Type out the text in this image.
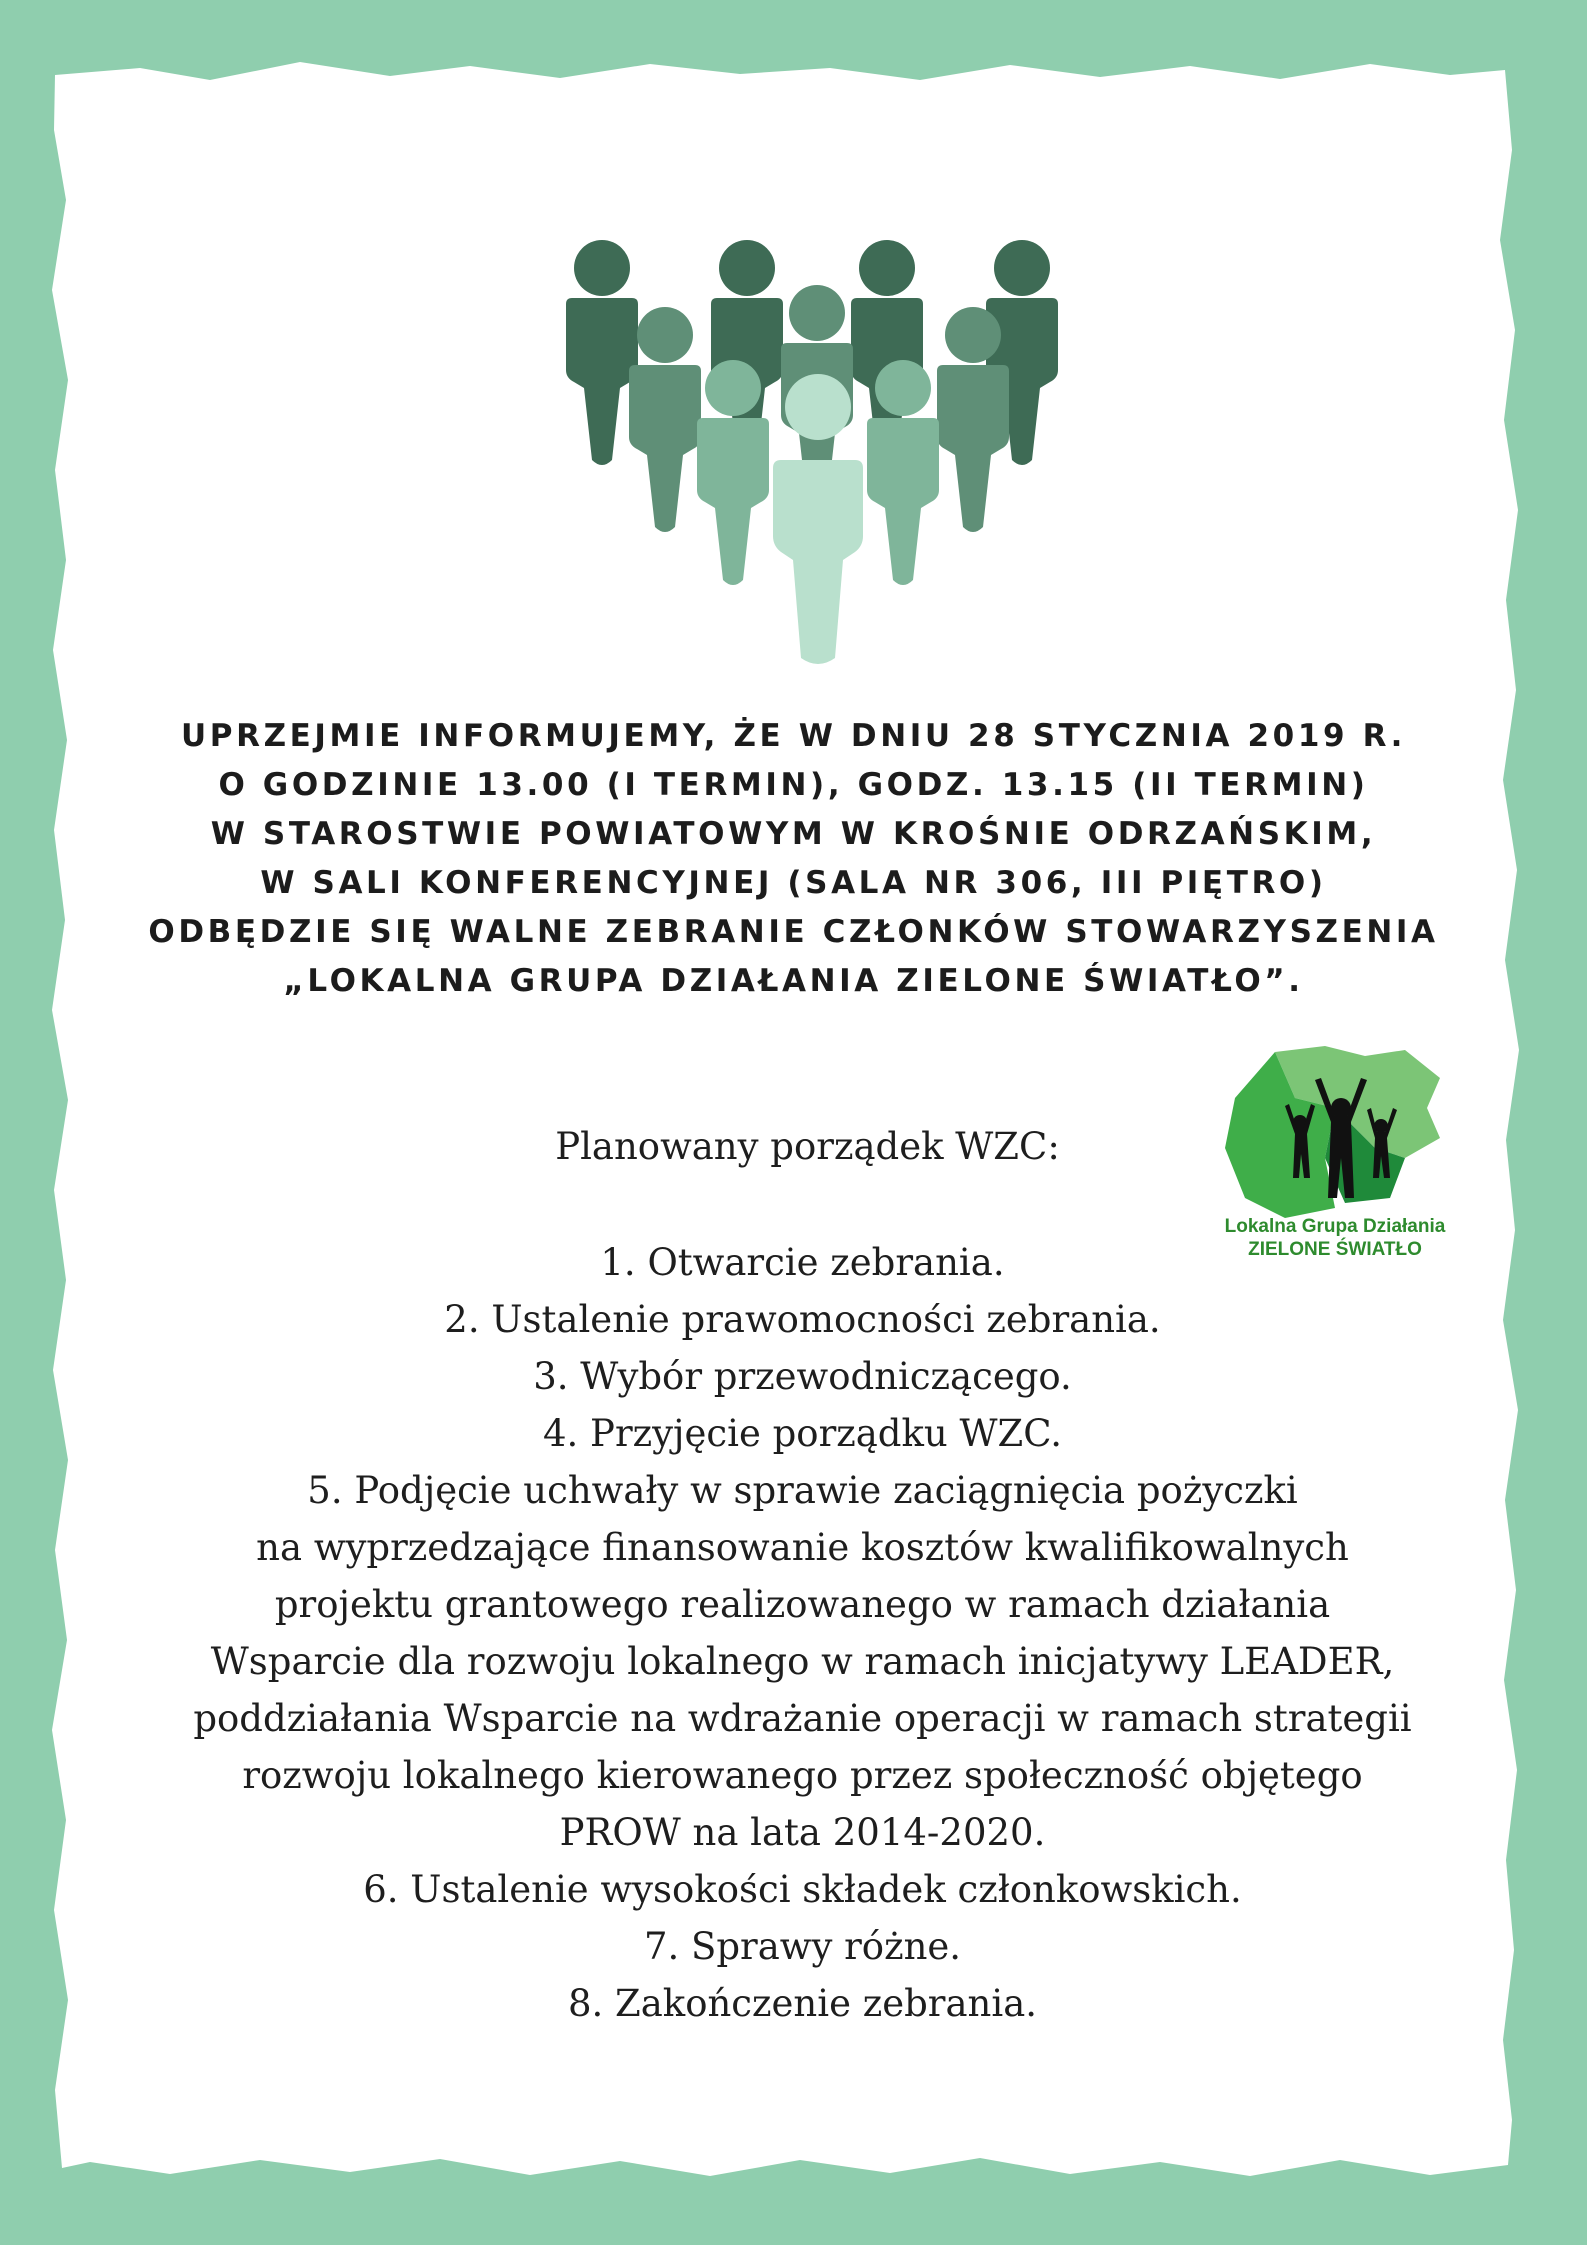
UPRZEJMIE INFORMUJEMY, ŻE W DNIU 28 STYCZNIA 2019 R.
O GODZINIE 13.00 (I TERMIN), GODZ. 13.15 (II TERMIN)
W STAROSTWIE POWIATOWYM W KROŚNIE ODRZAŃSKIM,
W SALI KONFERENCYJNEJ (SALA NR 306, III PIĘTRO)
ODBĘDZIE SIĘ WALNE ZEBRANIE CZŁONKÓW STOWARZYSZENIA
„LOKALNA GRUPA DZIAŁANIA ZIELONE ŚWIATŁO”.
Lokalna Grupa Działania
ZIELONE ŚWIATŁO
Planowany porządek WZC:
1. Otwarcie zebrania.
2. Ustalenie prawomocności zebrania.
3. Wybór przewodniczącego.
4. Przyjęcie porządku WZC.
5. Podjęcie uchwały w sprawie zaciągnięcia pożyczki
na wyprzedzające finansowanie kosztów kwalifikowalnych
projektu grantowego realizowanego w ramach działania
Wsparcie dla rozwoju lokalnego w ramach inicjatywy LEADER,
poddziałania Wsparcie na wdrażanie operacji w ramach strategii
rozwoju lokalnego kierowanego przez społeczność objętego
PROW na lata 2014-2020.
6. Ustalenie wysokości składek członkowskich.
7. Sprawy różne.
8. Zakończenie zebrania.
